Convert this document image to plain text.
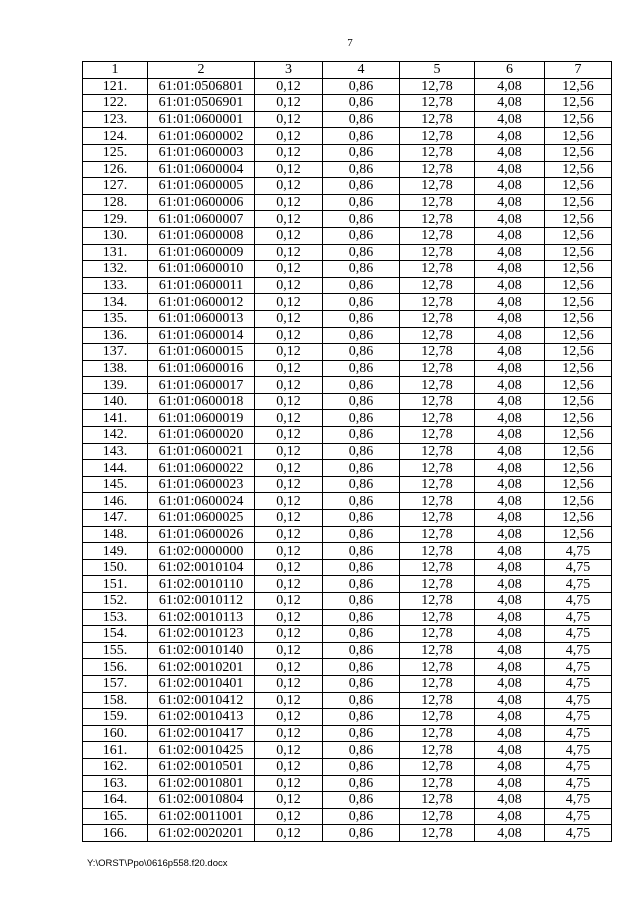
7
1	2	3	4	5	6	7
121.	61:01:0506801	0,12	0,86	12,78	4,08	12,56
122.	61:01:0506901	0,12	0,86	12,78	4,08	12,56
123.	61:01:0600001	0,12	0,86	12,78	4,08	12,56
124.	61:01:0600002	0,12	0,86	12,78	4,08	12,56
125.	61:01:0600003	0,12	0,86	12,78	4,08	12,56
126.	61:01:0600004	0,12	0,86	12,78	4,08	12,56
127.	61:01:0600005	0,12	0,86	12,78	4,08	12,56
128.	61:01:0600006	0,12	0,86	12,78	4,08	12,56
129.	61:01:0600007	0,12	0,86	12,78	4,08	12,56
130.	61:01:0600008	0,12	0,86	12,78	4,08	12,56
131.	61:01:0600009	0,12	0,86	12,78	4,08	12,56
132.	61:01:0600010	0,12	0,86	12,78	4,08	12,56
133.	61:01:0600011	0,12	0,86	12,78	4,08	12,56
134.	61:01:0600012	0,12	0,86	12,78	4,08	12,56
135.	61:01:0600013	0,12	0,86	12,78	4,08	12,56
136.	61:01:0600014	0,12	0,86	12,78	4,08	12,56
137.	61:01:0600015	0,12	0,86	12,78	4,08	12,56
138.	61:01:0600016	0,12	0,86	12,78	4,08	12,56
139.	61:01:0600017	0,12	0,86	12,78	4,08	12,56
140.	61:01:0600018	0,12	0,86	12,78	4,08	12,56
141.	61:01:0600019	0,12	0,86	12,78	4,08	12,56
142.	61:01:0600020	0,12	0,86	12,78	4,08	12,56
143.	61:01:0600021	0,12	0,86	12,78	4,08	12,56
144.	61:01:0600022	0,12	0,86	12,78	4,08	12,56
145.	61:01:0600023	0,12	0,86	12,78	4,08	12,56
146.	61:01:0600024	0,12	0,86	12,78	4,08	12,56
147.	61:01:0600025	0,12	0,86	12,78	4,08	12,56
148.	61:01:0600026	0,12	0,86	12,78	4,08	12,56
149.	61:02:0000000	0,12	0,86	12,78	4,08	4,75
150.	61:02:0010104	0,12	0,86	12,78	4,08	4,75
151.	61:02:0010110	0,12	0,86	12,78	4,08	4,75
152.	61:02:0010112	0,12	0,86	12,78	4,08	4,75
153.	61:02:0010113	0,12	0,86	12,78	4,08	4,75
154.	61:02:0010123	0,12	0,86	12,78	4,08	4,75
155.	61:02:0010140	0,12	0,86	12,78	4,08	4,75
156.	61:02:0010201	0,12	0,86	12,78	4,08	4,75
157.	61:02:0010401	0,12	0,86	12,78	4,08	4,75
158.	61:02:0010412	0,12	0,86	12,78	4,08	4,75
159.	61:02:0010413	0,12	0,86	12,78	4,08	4,75
160.	61:02:0010417	0,12	0,86	12,78	4,08	4,75
161.	61:02:0010425	0,12	0,86	12,78	4,08	4,75
162.	61:02:0010501	0,12	0,86	12,78	4,08	4,75
163.	61:02:0010801	0,12	0,86	12,78	4,08	4,75
164.	61:02:0010804	0,12	0,86	12,78	4,08	4,75
165.	61:02:0011001	0,12	0,86	12,78	4,08	4,75
166.	61:02:0020201	0,12	0,86	12,78	4,08	4,75
Y:\ORST\Ppo\0616p558.f20.docx
